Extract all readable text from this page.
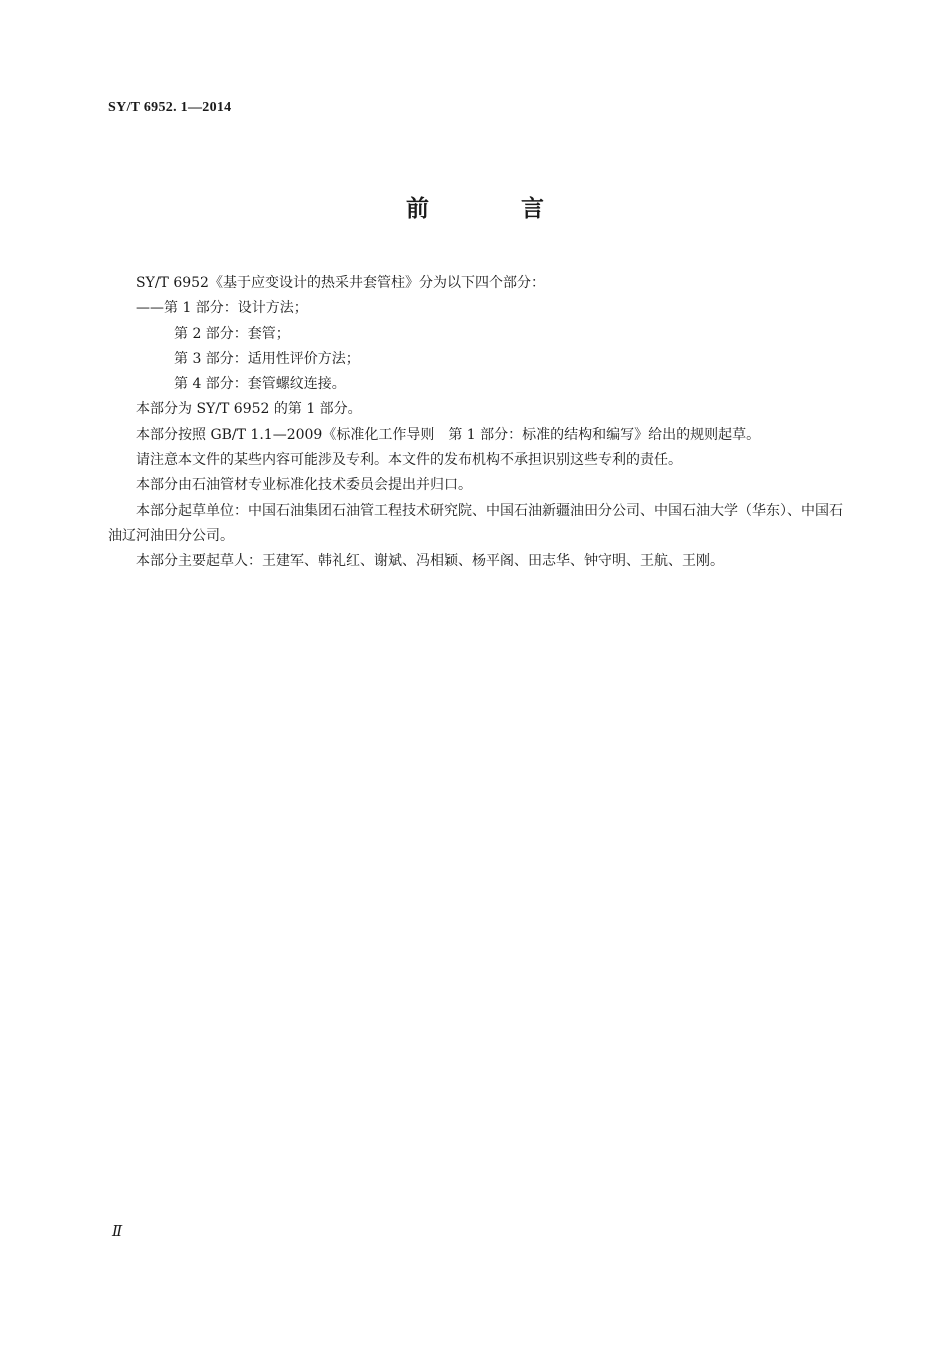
SY/T 6952. 1—2014
前 言

SY/T 6952《基于应变设计的热采井套管柱》分为以下四个部分：

——第 1 部分：设计方法；

第 2 部分：套管；

第 3 部分：适用性评价方法；

第 4 部分：套管螺纹连接。

本部分为 SY/T 6952 的第 1 部分。

本部分按照 GB/T 1.1—2009《标准化工作导则　第 1 部分：标准的结构和编写》给出的规则起草。

请注意本文件的某些内容可能涉及专利。本文件的发布机构不承担识别这些专利的责任。

本部分由石油管材专业标准化技术委员会提出并归口。

本部分起草单位：中国石油集团石油管工程技术研究院、中国石油新疆油田分公司、中国石油大学（华东）、中国石油辽河油田分公司。

本部分主要起草人：王建军、韩礼红、谢斌、冯相颖、杨平阁、田志华、钟守明、王航、王刚。

Ⅱ
